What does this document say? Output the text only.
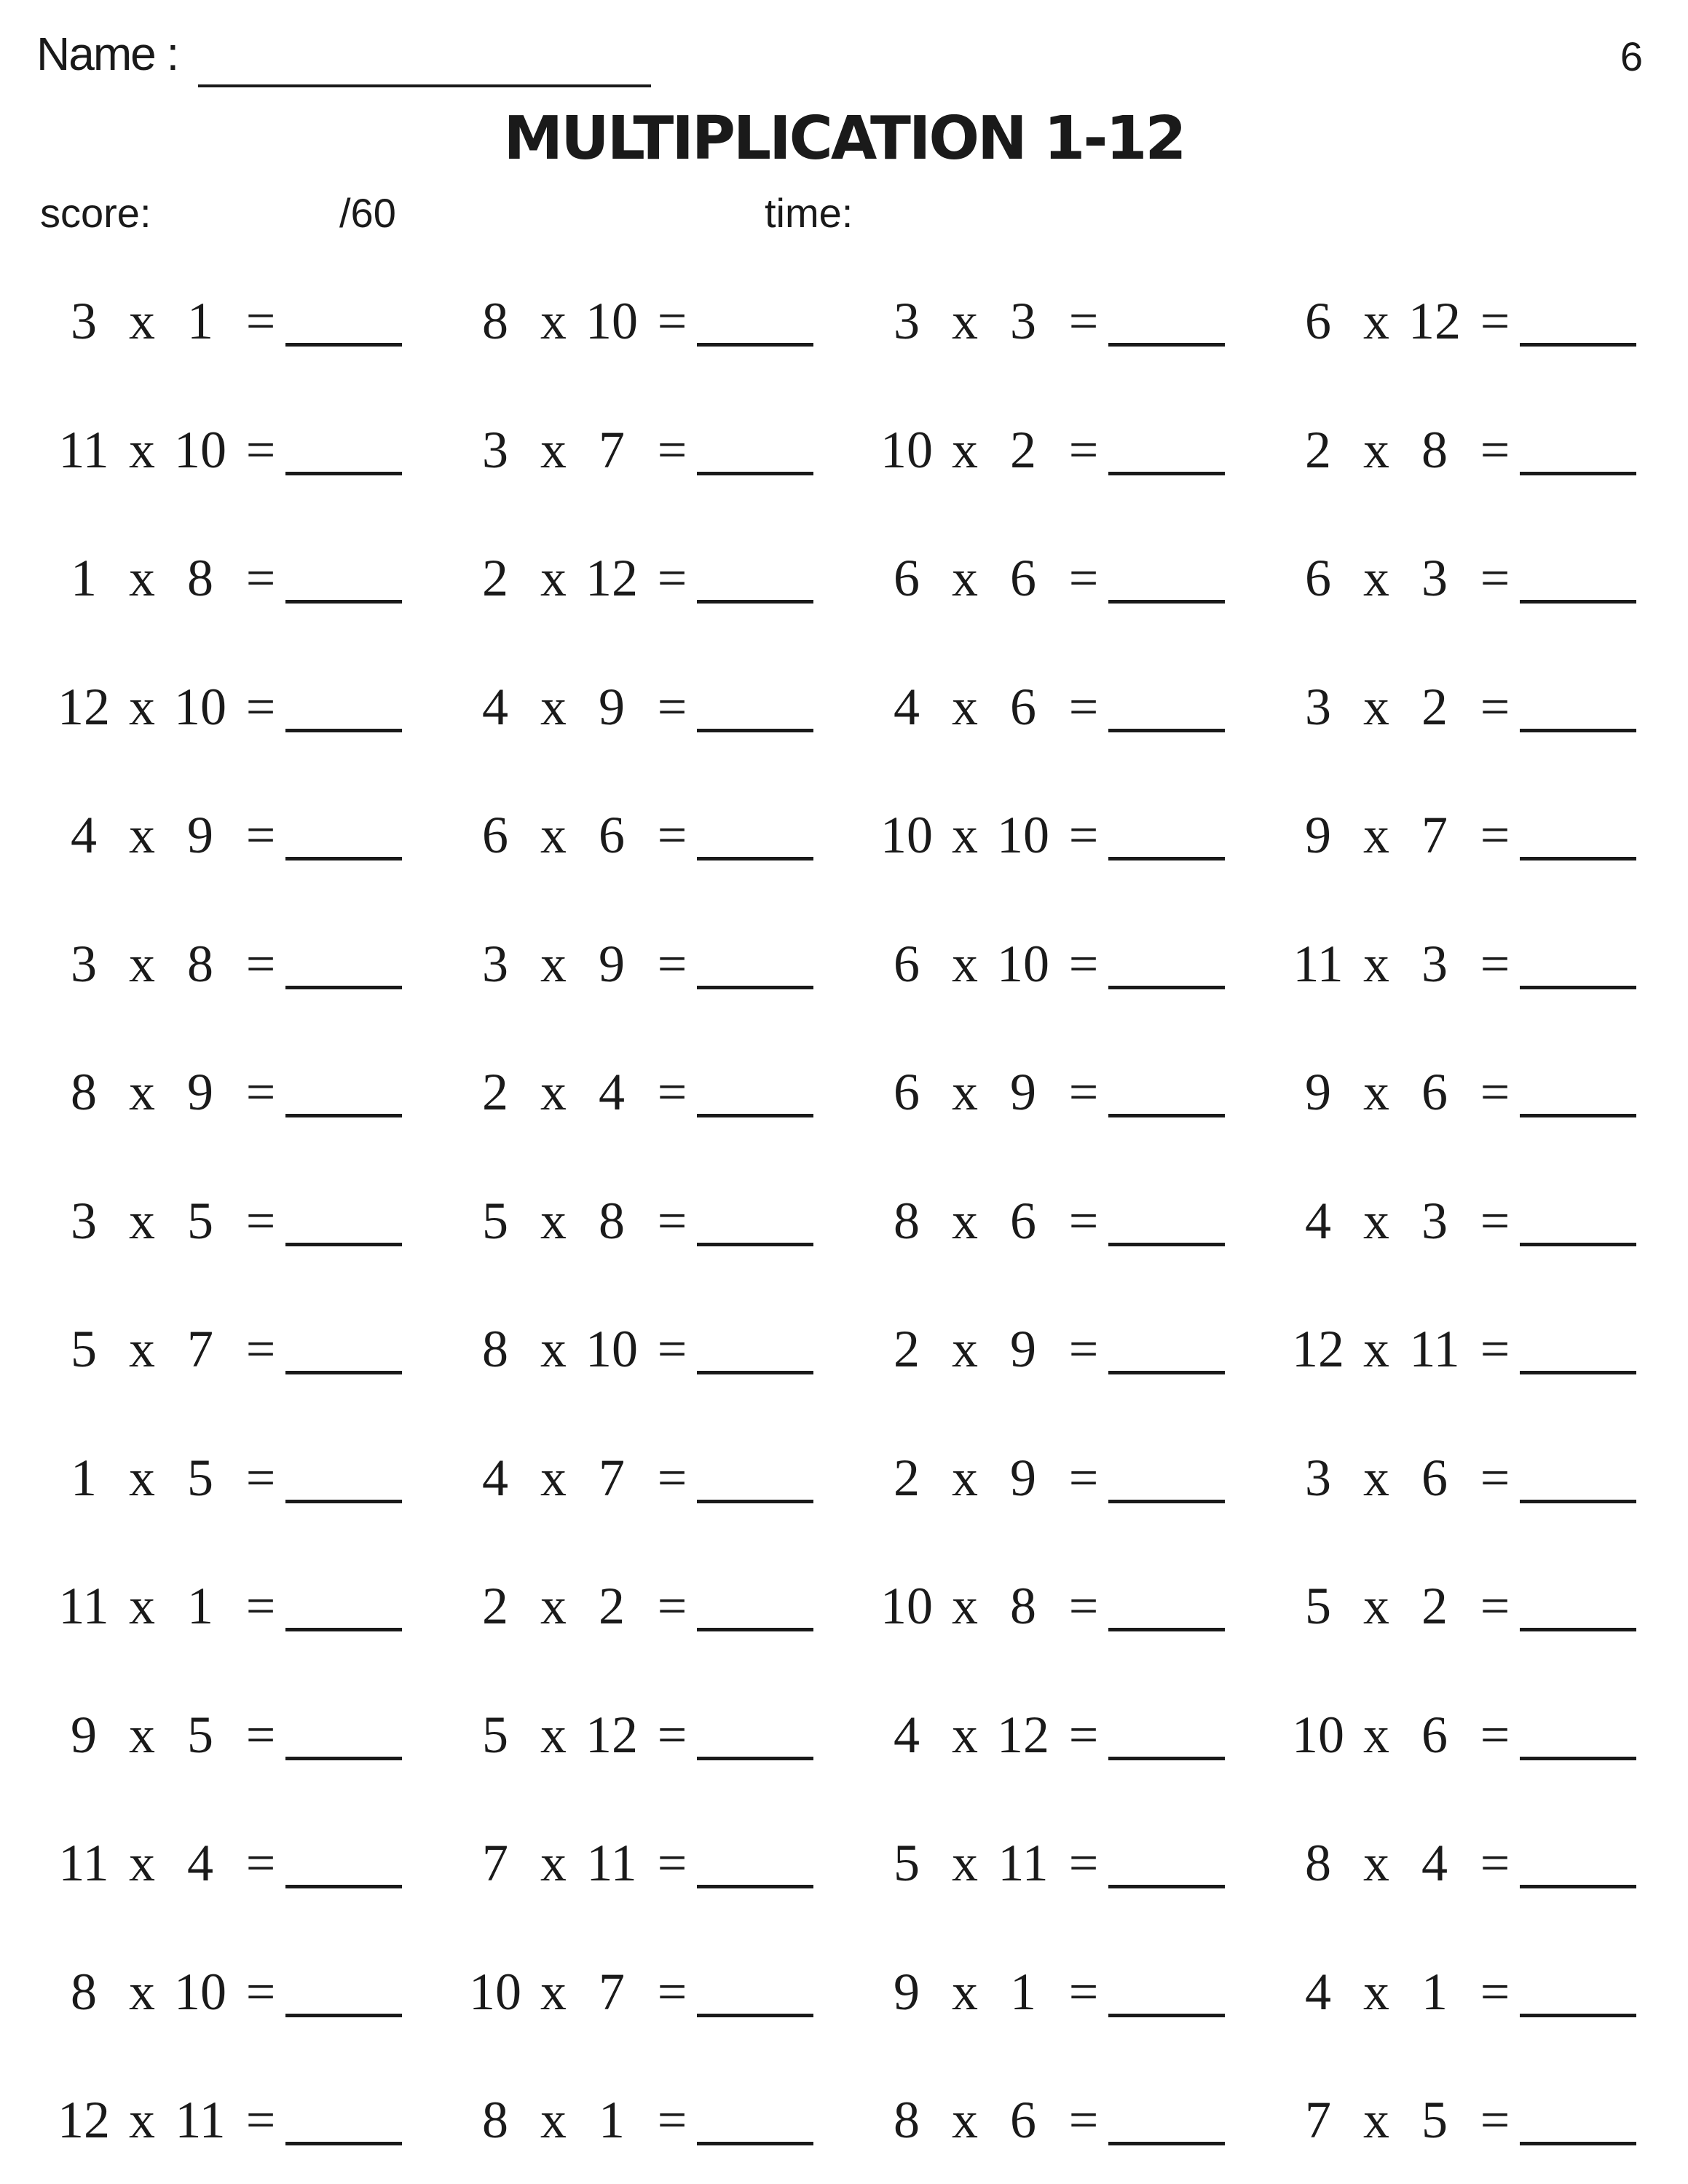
Name :	6
MULTIPLICATION 1-12
score:	/60	time:
3 x 1 =	8 x 10 =	3 x 3 =	6 x 12 =
11 x 10 =	3 x 7 =	10 x 2 =	2 x 8 =
1 x 8 =	2 x 12 =	6 x 6 =	6 x 3 =
12 x 10 =	4 x 9 =	4 x 6 =	3 x 2 =
4 x 9 =	6 x 6 =	10 x 10 =	9 x 7 =
3 x 8 =	3 x 9 =	6 x 10 =	11 x 3 =
8 x 9 =	2 x 4 =	6 x 9 =	9 x 6 =
3 x 5 =	5 x 8 =	8 x 6 =	4 x 3 =
5 x 7 =	8 x 10 =	2 x 9 =	12 x 11 =
1 x 5 =	4 x 7 =	2 x 9 =	3 x 6 =
11 x 1 =	2 x 2 =	10 x 8 =	5 x 2 =
9 x 5 =	5 x 12 =	4 x 12 =	10 x 6 =
11 x 4 =	7 x 11 =	5 x 11 =	8 x 4 =
8 x 10 =	10 x 7 =	9 x 1 =	4 x 1 =
12 x 11 =	8 x 1 =	8 x 6 =	7 x 5 =
